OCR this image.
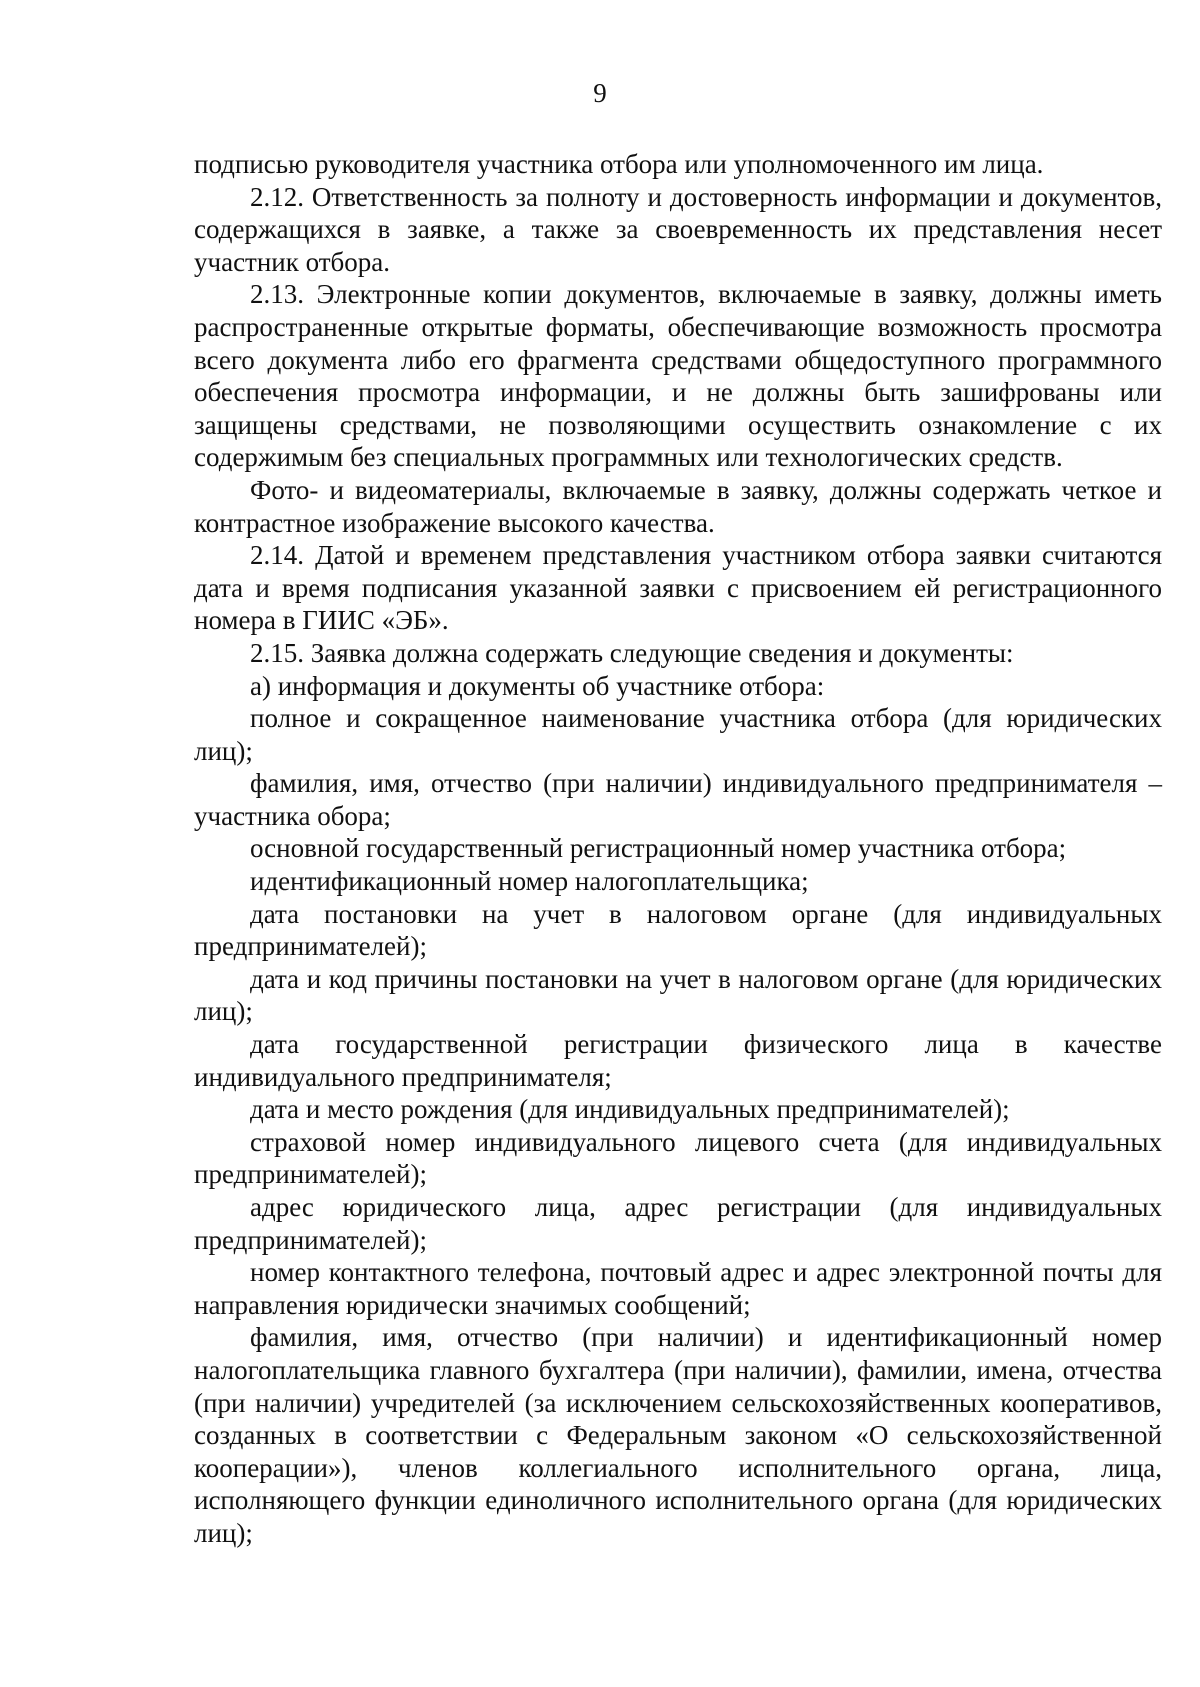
9

подписью руководителя участника отбора или уполномоченного им лица.

2.12. Ответственность за полноту и достоверность информации и документов, содержащихся в заявке, а также за своевременность их представления несет участник отбора.

2.13. Электронные копии документов, включаемые в заявку, должны иметь распространенные открытые форматы, обеспечивающие возможность просмотра всего документа либо его фрагмента средствами общедоступного программного обеспечения просмотра информации, и не должны быть зашифрованы или защищены средствами, не позволяющими осуществить ознакомление с их содержимым без специальных программных или технологических средств.

Фото- и видеоматериалы, включаемые в заявку, должны содержать четкое и контрастное изображение высокого качества.

2.14. Датой и временем представления участником отбора заявки считаются дата и время подписания указанной заявки с присвоением ей регистрационного номера в ГИИС «ЭБ».

2.15. Заявка должна содержать следующие сведения и документы:

а) информация и документы об участнике отбора:

полное и сокращенное наименование участника отбора (для юридических лиц);

фамилия, имя, отчество (при наличии) индивидуального предпринимателя – участника обора;

основной государственный регистрационный номер участника отбора;

идентификационный номер налогоплательщика;

дата постановки на учет в налоговом органе (для индивидуальных предпринимателей);

дата и код причины постановки на учет в налоговом органе (для юридических лиц);

дата государственной регистрации физического лица в качестве индивидуального предпринимателя;

дата и место рождения (для индивидуальных предпринимателей);

страховой номер индивидуального лицевого счета (для индивидуальных предпринимателей);

адрес юридического лица, адрес регистрации (для индивидуальных предпринимателей);

номер контактного телефона, почтовый адрес и адрес электронной почты для направления юридически значимых сообщений;

фамилия, имя, отчество (при наличии) и идентификационный номер налогоплательщика главного бухгалтера (при наличии), фамилии, имена, отчества (при наличии) учредителей (за исключением сельскохозяйственных кооперативов, созданных в соответствии с Федеральным законом «О сельскохозяйственной кооперации»), членов коллегиального исполнительного органа, лица, исполняющего функции единоличного исполнительного органа (для юридических лиц);
